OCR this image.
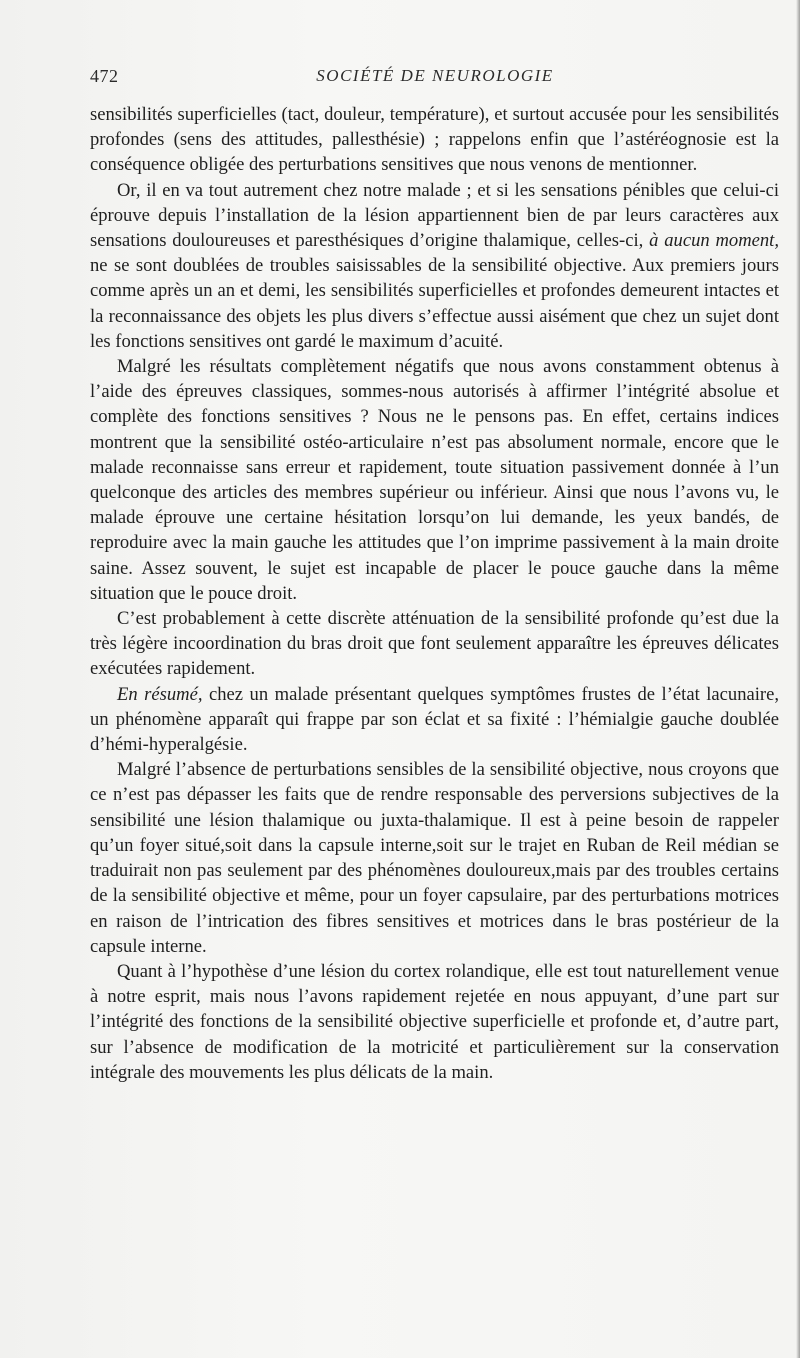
472	SOCIÉTÉ DE NEUROLOGIE

sensibilités superficielles (tact, douleur, température), et surtout accusée pour les sensibilités profondes (sens des attitudes, pallesthésie) ; rappelons enfin que l’astéréognosie est la conséquence obligée des perturbations sensitives que nous venons de mentionner.

Or, il en va tout autrement chez notre malade ; et si les sensations pénibles que celui-ci éprouve depuis l’installation de la lésion appartiennent bien de par leurs caractères aux sensations douloureuses et paresthésiques d’origine thalamique, celles-ci, à aucun moment, ne se sont doublées de troubles saisissables de la sensibilité objective. Aux premiers jours comme après un an et demi, les sensibilités superficielles et profondes demeurent intactes et la reconnaissance des objets les plus divers s’effectue aussi aisément que chez un sujet dont les fonctions sensitives ont gardé le maximum d’acuité.

Malgré les résultats complètement négatifs que nous avons constamment obtenus à l’aide des épreuves classiques, sommes-nous autorisés à affirmer l’intégrité absolue et complète des fonctions sensitives ? Nous ne le pensons pas. En effet, certains indices montrent que la sensibilité ostéo-articulaire n’est pas absolument normale, encore que le malade reconnaisse sans erreur et rapidement, toute situation passivement donnée à l’un quelconque des articles des membres supérieur ou inférieur. Ainsi que nous l’avons vu, le malade éprouve une certaine hésitation lorsqu’on lui demande, les yeux bandés, de reproduire avec la main gauche les attitudes que l’on imprime passivement à la main droite saine. Assez souvent, le sujet est incapable de placer le pouce gauche dans la même situation que le pouce droit.

C’est probablement à cette discrète atténuation de la sensibilité profonde qu’est due la très légère incoordination du bras droit que font seulement apparaître les épreuves délicates exécutées rapidement.

En résumé, chez un malade présentant quelques symptômes frustes de l’état lacunaire, un phénomène apparaît qui frappe par son éclat et sa fixité : l’hémialgie gauche doublée d’hémi-hyperalgésie.

Malgré l’absence de perturbations sensibles de la sensibilité objective, nous croyons que ce n’est pas dépasser les faits que de rendre responsable des perversions subjectives de la sensibilité une lésion thalamique ou juxta-thalamique. Il est à peine besoin de rappeler qu’un foyer situé,soit dans la capsule interne,soit sur le trajet en Ruban de Reil médian se traduirait non pas seulement par des phénomènes douloureux,mais par des troubles certains de la sensibilité objective et même, pour un foyer capsulaire, par des perturbations motrices en raison de l’intrication des fibres sensitives et motrices dans le bras postérieur de la capsule interne.

Quant à l’hypothèse d’une lésion du cortex rolandique, elle est tout naturellement venue à notre esprit, mais nous l’avons rapidement rejetée en nous appuyant, d’une part sur l’intégrité des fonctions de la sensibilité objective superficielle et profonde et, d’autre part, sur l’absence de modification de la motricité et particulièrement sur la conservation intégrale des mouvements les plus délicats de la main.
